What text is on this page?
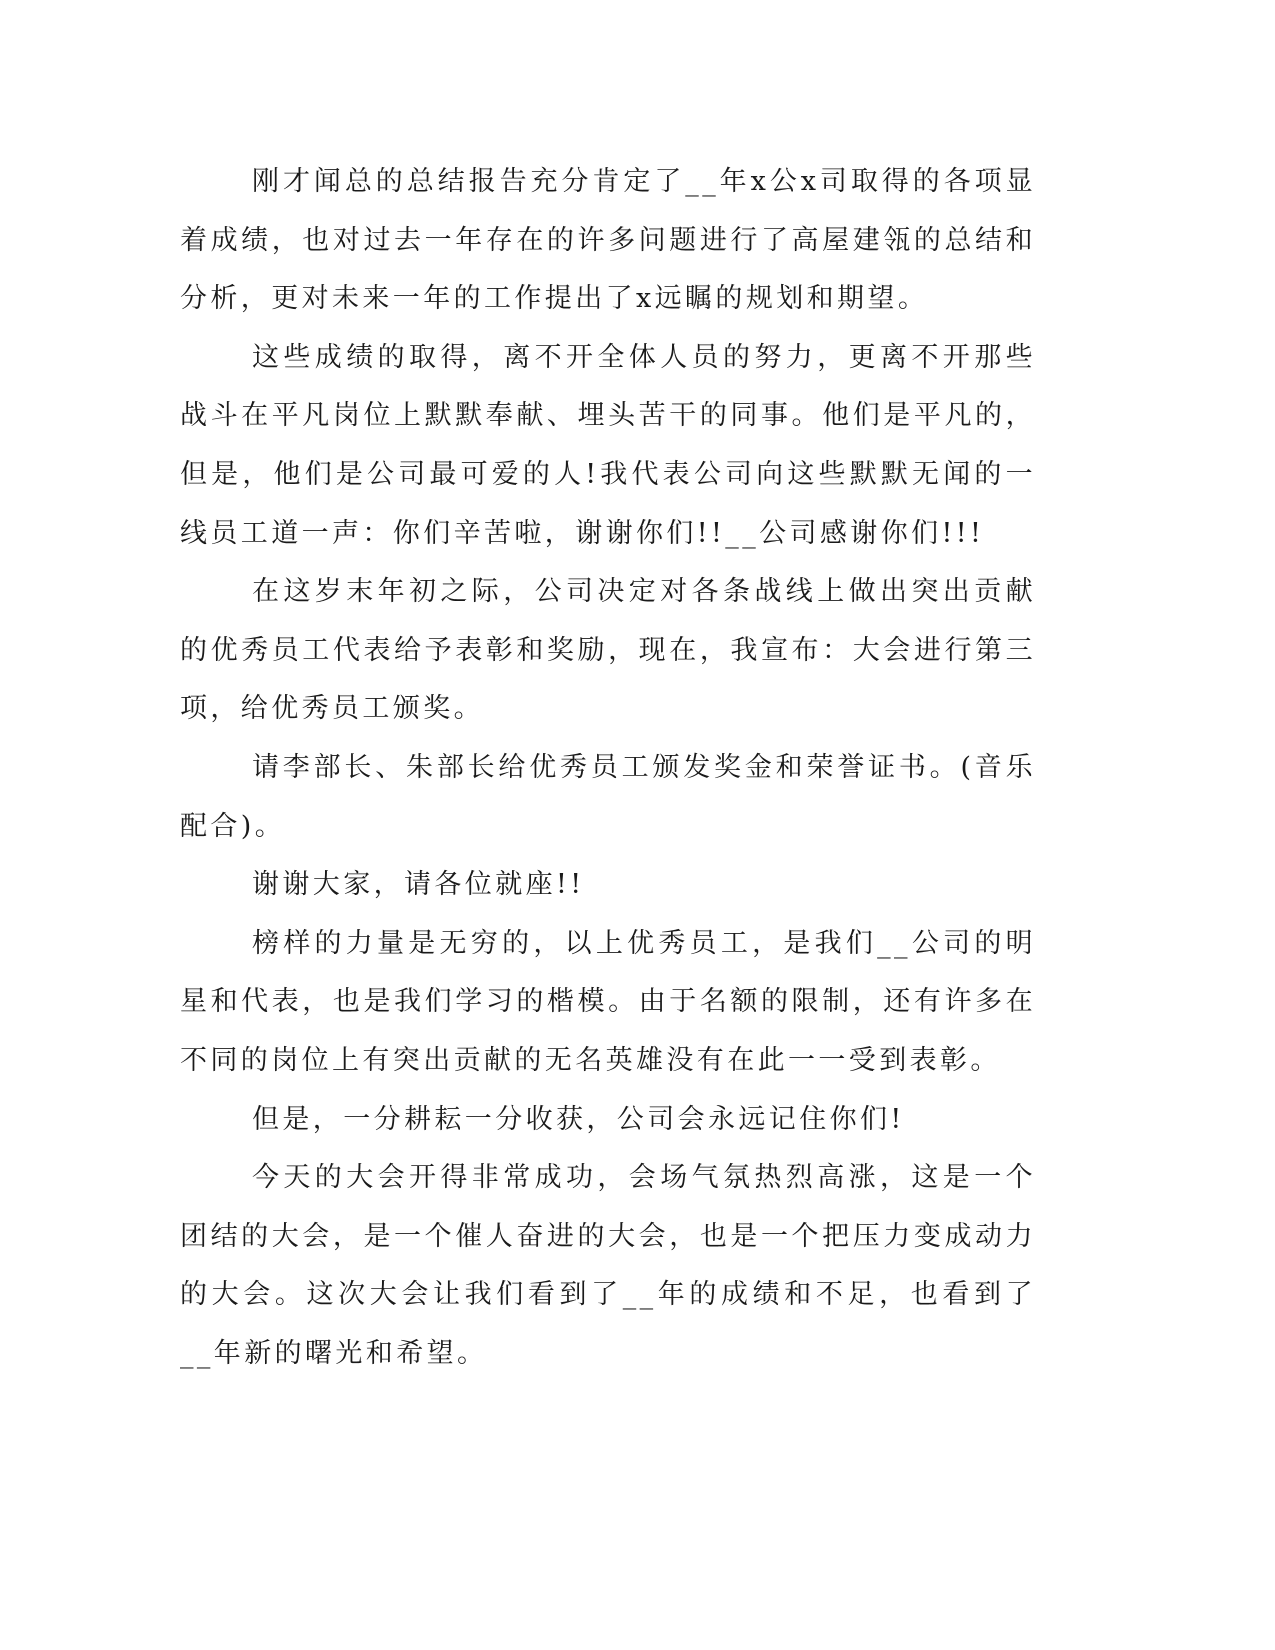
刚才闻总的总结报告充分肯定了__年x公x司取得的各项显着成绩，也对过去一年存在的许多问题进行了高屋建瓴的总结和分析，更对未来一年的工作提出了x远瞩的规划和期望。

这些成绩的取得，离不开全体人员的努力，更离不开那些战斗在平凡岗位上默默奉献、埋头苦干的同事。他们是平凡的，但是，他们是公司最可爱的人!我代表公司向这些默默无闻的一线员工道一声：你们辛苦啦，谢谢你们!!__公司感谢你们!!!

在这岁末年初之际，公司决定对各条战线上做出突出贡献的优秀员工代表给予表彰和奖励，现在，我宣布：大会进行第三项，给优秀员工颁奖。

请李部长、朱部长给优秀员工颁发奖金和荣誉证书。(音乐配合)。

谢谢大家，请各位就座!!

榜样的力量是无穷的，以上优秀员工，是我们__公司的明星和代表，也是我们学习的楷模。由于名额的限制，还有许多在不同的岗位上有突出贡献的无名英雄没有在此一一受到表彰。

但是，一分耕耘一分收获，公司会永远记住你们!

今天的大会开得非常成功，会场气氛热烈高涨，这是一个团结的大会，是一个催人奋进的大会，也是一个把压力变成动力的大会。这次大会让我们看到了__年的成绩和不足，也看到了__年新的曙光和希望。
